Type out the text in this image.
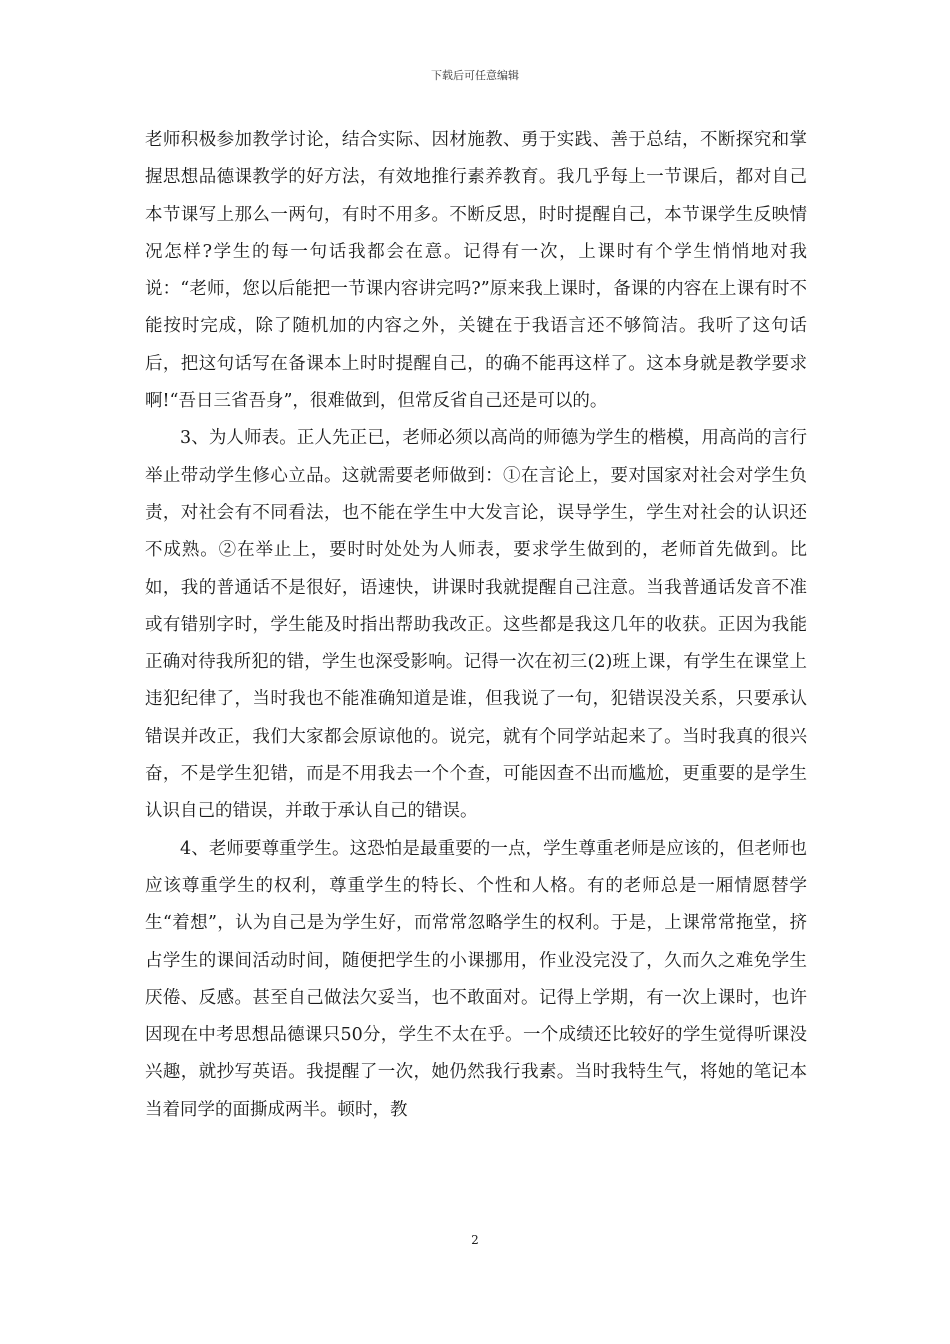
下载后可任意编辑

老师积极参加教学讨论，结合实际、因材施教、勇于实践、善于总结，不断探究和掌握思想品德课教学的好方法，有效地推行素养教育。我几乎每上一节课后，都对自己本节课写上那么一两句，有时不用多。不断反思，时时提醒自己，本节课学生反映情况怎样?学生的每一句话我都会在意。记得有一次，上课时有个学生悄悄地对我说：“老师，您以后能把一节课内容讲完吗?”原来我上课时，备课的内容在上课有时不能按时完成，除了随机加的内容之外，关键在于我语言还不够简洁。我听了这句话后，把这句话写在备课本上时时提醒自己，的确不能再这样了。这本身就是教学要求啊!“吾日三省吾身”，很难做到，但常反省自己还是可以的。

3、为人师表。正人先正已，老师必须以高尚的师德为学生的楷模，用高尚的言行举止带动学生修心立品。这就需要老师做到：①在言论上，要对国家对社会对学生负责，对社会有不同看法，也不能在学生中大发言论，误导学生，学生对社会的认识还不成熟。②在举止上，要时时处处为人师表，要求学生做到的，老师首先做到。比如，我的普通话不是很好，语速快，讲课时我就提醒自己注意。当我普通话发音不准或有错别字时，学生能及时指出帮助我改正。这些都是我这几年的收获。正因为我能正确对待我所犯的错，学生也深受影响。记得一次在初三(2)班上课，有学生在课堂上违犯纪律了，当时我也不能准确知道是谁，但我说了一句，犯错误没关系，只要承认错误并改正，我们大家都会原谅他的。说完，就有个同学站起来了。当时我真的很兴奋，不是学生犯错，而是不用我去一个个查，可能因查不出而尴尬，更重要的是学生认识自己的错误，并敢于承认自己的错误。

4、老师要尊重学生。这恐怕是最重要的一点，学生尊重老师是应该的，但老师也应该尊重学生的权利，尊重学生的特长、个性和人格。有的老师总是一厢情愿替学生“着想”，认为自己是为学生好，而常常忽略学生的权利。于是，上课常常拖堂，挤占学生的课间活动时间，随便把学生的小课挪用，作业没完没了，久而久之难免学生厌倦、反感。甚至自己做法欠妥当，也不敢面对。记得上学期，有一次上课时，也许因现在中考思想品德课只50分，学生不太在乎。一个成绩还比较好的学生觉得听课没兴趣，就抄写英语。我提醒了一次，她仍然我行我素。当时我特生气，将她的笔记本当着同学的面撕成两半。顿时，教

2
